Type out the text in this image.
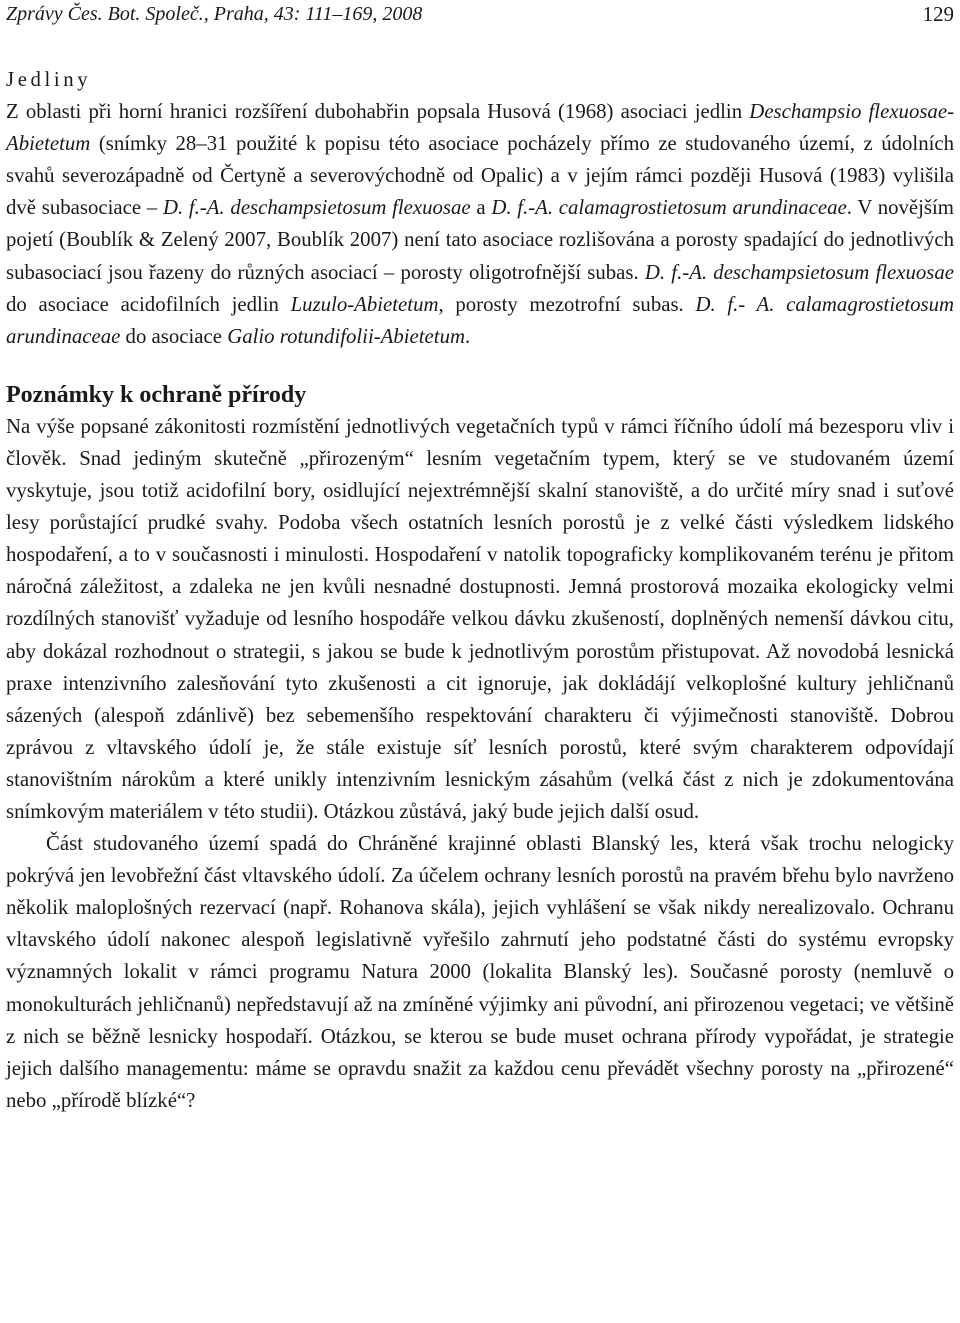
Zprávy Čes. Bot. Společ., Praha, 43: 111–169, 2008	129
Jedliny

Z oblasti při horní hranici rozšíření dubohabřin popsala Husová (1968) asociaci jedlin Deschampsio flexuosae-Abietetum (snímky 28–31 použité k popisu této asociace pocházely přímo ze studovaného území, z údolních svahů severozápadně od Čertyně a severovýchodně od Opalic) a v jejím rámci později Husová (1983) vylišila dvě subasociace – D. f.-A. deschampsietosum flexuosae a D. f.-A. calamagrostietosum arundinaceae. V novějším pojetí (Boublík & Zelený 2007, Boublík 2007) není tato asociace rozlišována a porosty spadající do jednotlivých subasociací jsou řazeny do různých asociací – porosty oligotrofnější subas. D. f.-A. deschampsietosum flexuosae do asociace acidofilních jedlin Luzulo-Abietetum, porosty mezotrofní subas. D. f.- A. calamagrostietosum arundinaceae do asociace Galio rotundifolii-Abietetum.

Poznámky k ochraně přírody

Na výše popsané zákonitosti rozmístění jednotlivých vegetačních typů v rámci říčního údolí má bezesporu vliv i člověk. Snad jediným skutečně „přirozeným“ lesním vegetačním typem, který se ve studovaném území vyskytuje, jsou totiž acidofilní bory, osidlující nejextrémnější skalní stanoviště, a do určité míry snad i suťové lesy porůstající prudké svahy. Podoba všech ostatních lesních porostů je z velké části výsledkem lidského hospodaření, a to v současnosti i minulosti. Hospodaření v natolik topograficky komplikovaném terénu je přitom náročná záležitost, a zdaleka ne jen kvůli nesnadné dostupnosti. Jemná prostorová mozaika ekologicky velmi rozdílných stanovišť vyžaduje od lesního hospodáře velkou dávku zkušeností, doplněných nemenší dávkou citu, aby dokázal rozhodnout o strategii, s jakou se bude k jednotlivým porostům přistupovat. Až novodobá lesnická praxe intenzivního zalesňování tyto zkušenosti a cit ignoruje, jak dokládájí velkoplošné kultury jehličnanů sázených (alespoň zdánlivě) bez sebemenšího respektování charakteru či výjimečnosti stanoviště. Dobrou zprávou z vltavského údolí je, že stále existuje síť lesních porostů, které svým charakterem odpovídají stanovištním nárokům a které unikly intenzivním lesnickým zásahům (velká část z nich je zdokumentována snímkovým materiálem v této studii). Otázkou zůstává, jaký bude jejich další osud.

Část studovaného území spadá do Chráněné krajinné oblasti Blanský les, která však trochu nelogicky pokrývá jen levobřežní část vltavského údolí. Za účelem ochrany lesních porostů na pravém břehu bylo navrženo několik maloplošných rezervací (např. Rohanova skála), jejich vyhlášení se však nikdy nerealizovalo. Ochranu vltavského údolí nakonec alespoň legislativně vyřešilo zahrnutí jeho podstatné části do systému evropsky významných lokalit v rámci programu Natura 2000 (lokalita Blanský les). Současné porosty (nemluvě o monokulturách jehličnanů) nepředstavují až na zmíněné výjimky ani původní, ani přirozenou vegetaci; ve většině z nich se běžně lesnicky hospodaří. Otázkou, se kterou se bude muset ochrana přírody vypořádat, je strategie jejich dalšího managementu: máme se opravdu snažit za každou cenu převádět všechny porosty na „přirozené“ nebo „přírodě blízké“?
